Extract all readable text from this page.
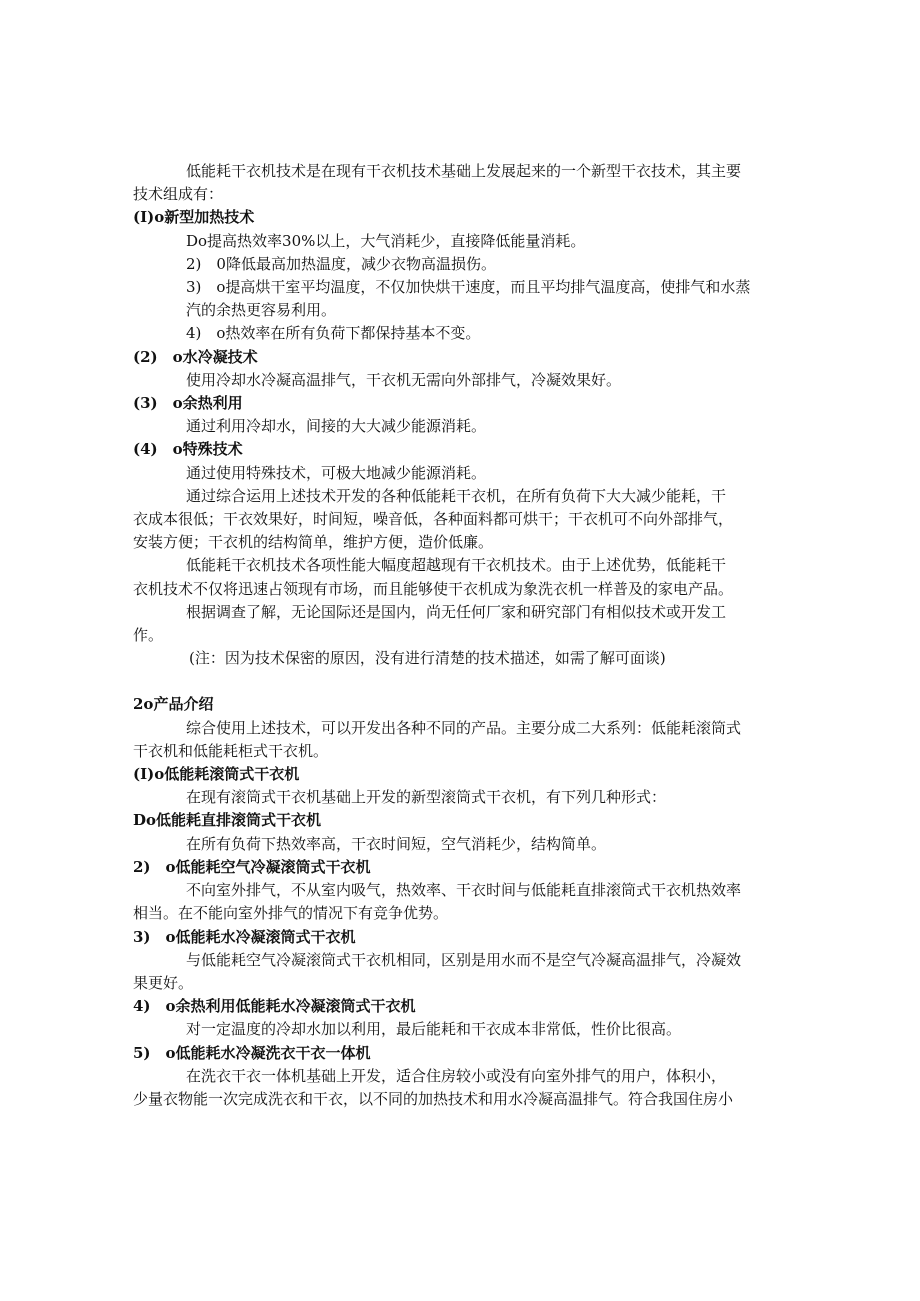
低能耗干衣机技术是在现有干衣机技术基础上发展起来的一个新型干衣技术，其主要
技术组成有：
(I)o新型加热技术
Do提高热效率30%以上，大气消耗少，直接降低能量消耗。
2)　0降低最高加热温度，减少衣物高温损伤。
3)　o提高烘干室平均温度，不仅加快烘干速度，而且平均排气温度高，使排气和水蒸
汽的余热更容易利用。
4)　o热效率在所有负荷下都保持基本不变。
(2)　o水冷凝技术
使用冷却水冷凝高温排气，干衣机无需向外部排气，冷凝效果好。
(3)　o余热利用
通过利用冷却水，间接的大大减少能源消耗。
(4)　o特殊技术
通过使用特殊技术，可极大地减少能源消耗。
通过综合运用上述技术开发的各种低能耗干衣机，在所有负荷下大大减少能耗，干
衣成本很低；干衣效果好，时间短，噪音低，各种面料都可烘干；干衣机可不向外部排气，
安装方便；干衣机的结构简单，维护方便，造价低廉。
低能耗干衣机技术各项性能大幅度超越现有干衣机技术。由于上述优势，低能耗干
衣机技术不仅将迅速占领现有市场，而且能够使干衣机成为象洗衣机一样普及的家电产品。
根据调查了解，无论国际还是国内，尚无任何厂家和研究部门有相似技术或开发工
作。
(注：因为技术保密的原因，没有进行清楚的技术描述，如需了解可面谈)
2o产品介绍
综合使用上述技术，可以开发出各种不同的产品。主要分成二大系列：低能耗滚筒式
干衣机和低能耗柜式干衣机。
(I)o低能耗滚筒式干衣机
在现有滚筒式干衣机基础上开发的新型滚筒式干衣机，有下列几种形式：
Do低能耗直排滚筒式干衣机
在所有负荷下热效率高，干衣时间短，空气消耗少，结构简单。
2)　o低能耗空气冷凝滚筒式干衣机
不向室外排气，不从室内吸气，热效率、干衣时间与低能耗直排滚筒式干衣机热效率
相当。在不能向室外排气的情况下有竞争优势。
3)　o低能耗水冷凝滚筒式干衣机
与低能耗空气冷凝滚筒式干衣机相同，区别是用水而不是空气冷凝高温排气，冷凝效
果更好。
4)　o余热利用低能耗水冷凝滚筒式干衣机
对一定温度的冷却水加以利用，最后能耗和干衣成本非常低，性价比很高。
5)　o低能耗水冷凝洗衣干衣一体机
在洗衣干衣一体机基础上开发，适合住房较小或没有向室外排气的用户，体积小，
少量衣物能一次完成洗衣和干衣，以不同的加热技术和用水冷凝高温排气。符合我国住房小
